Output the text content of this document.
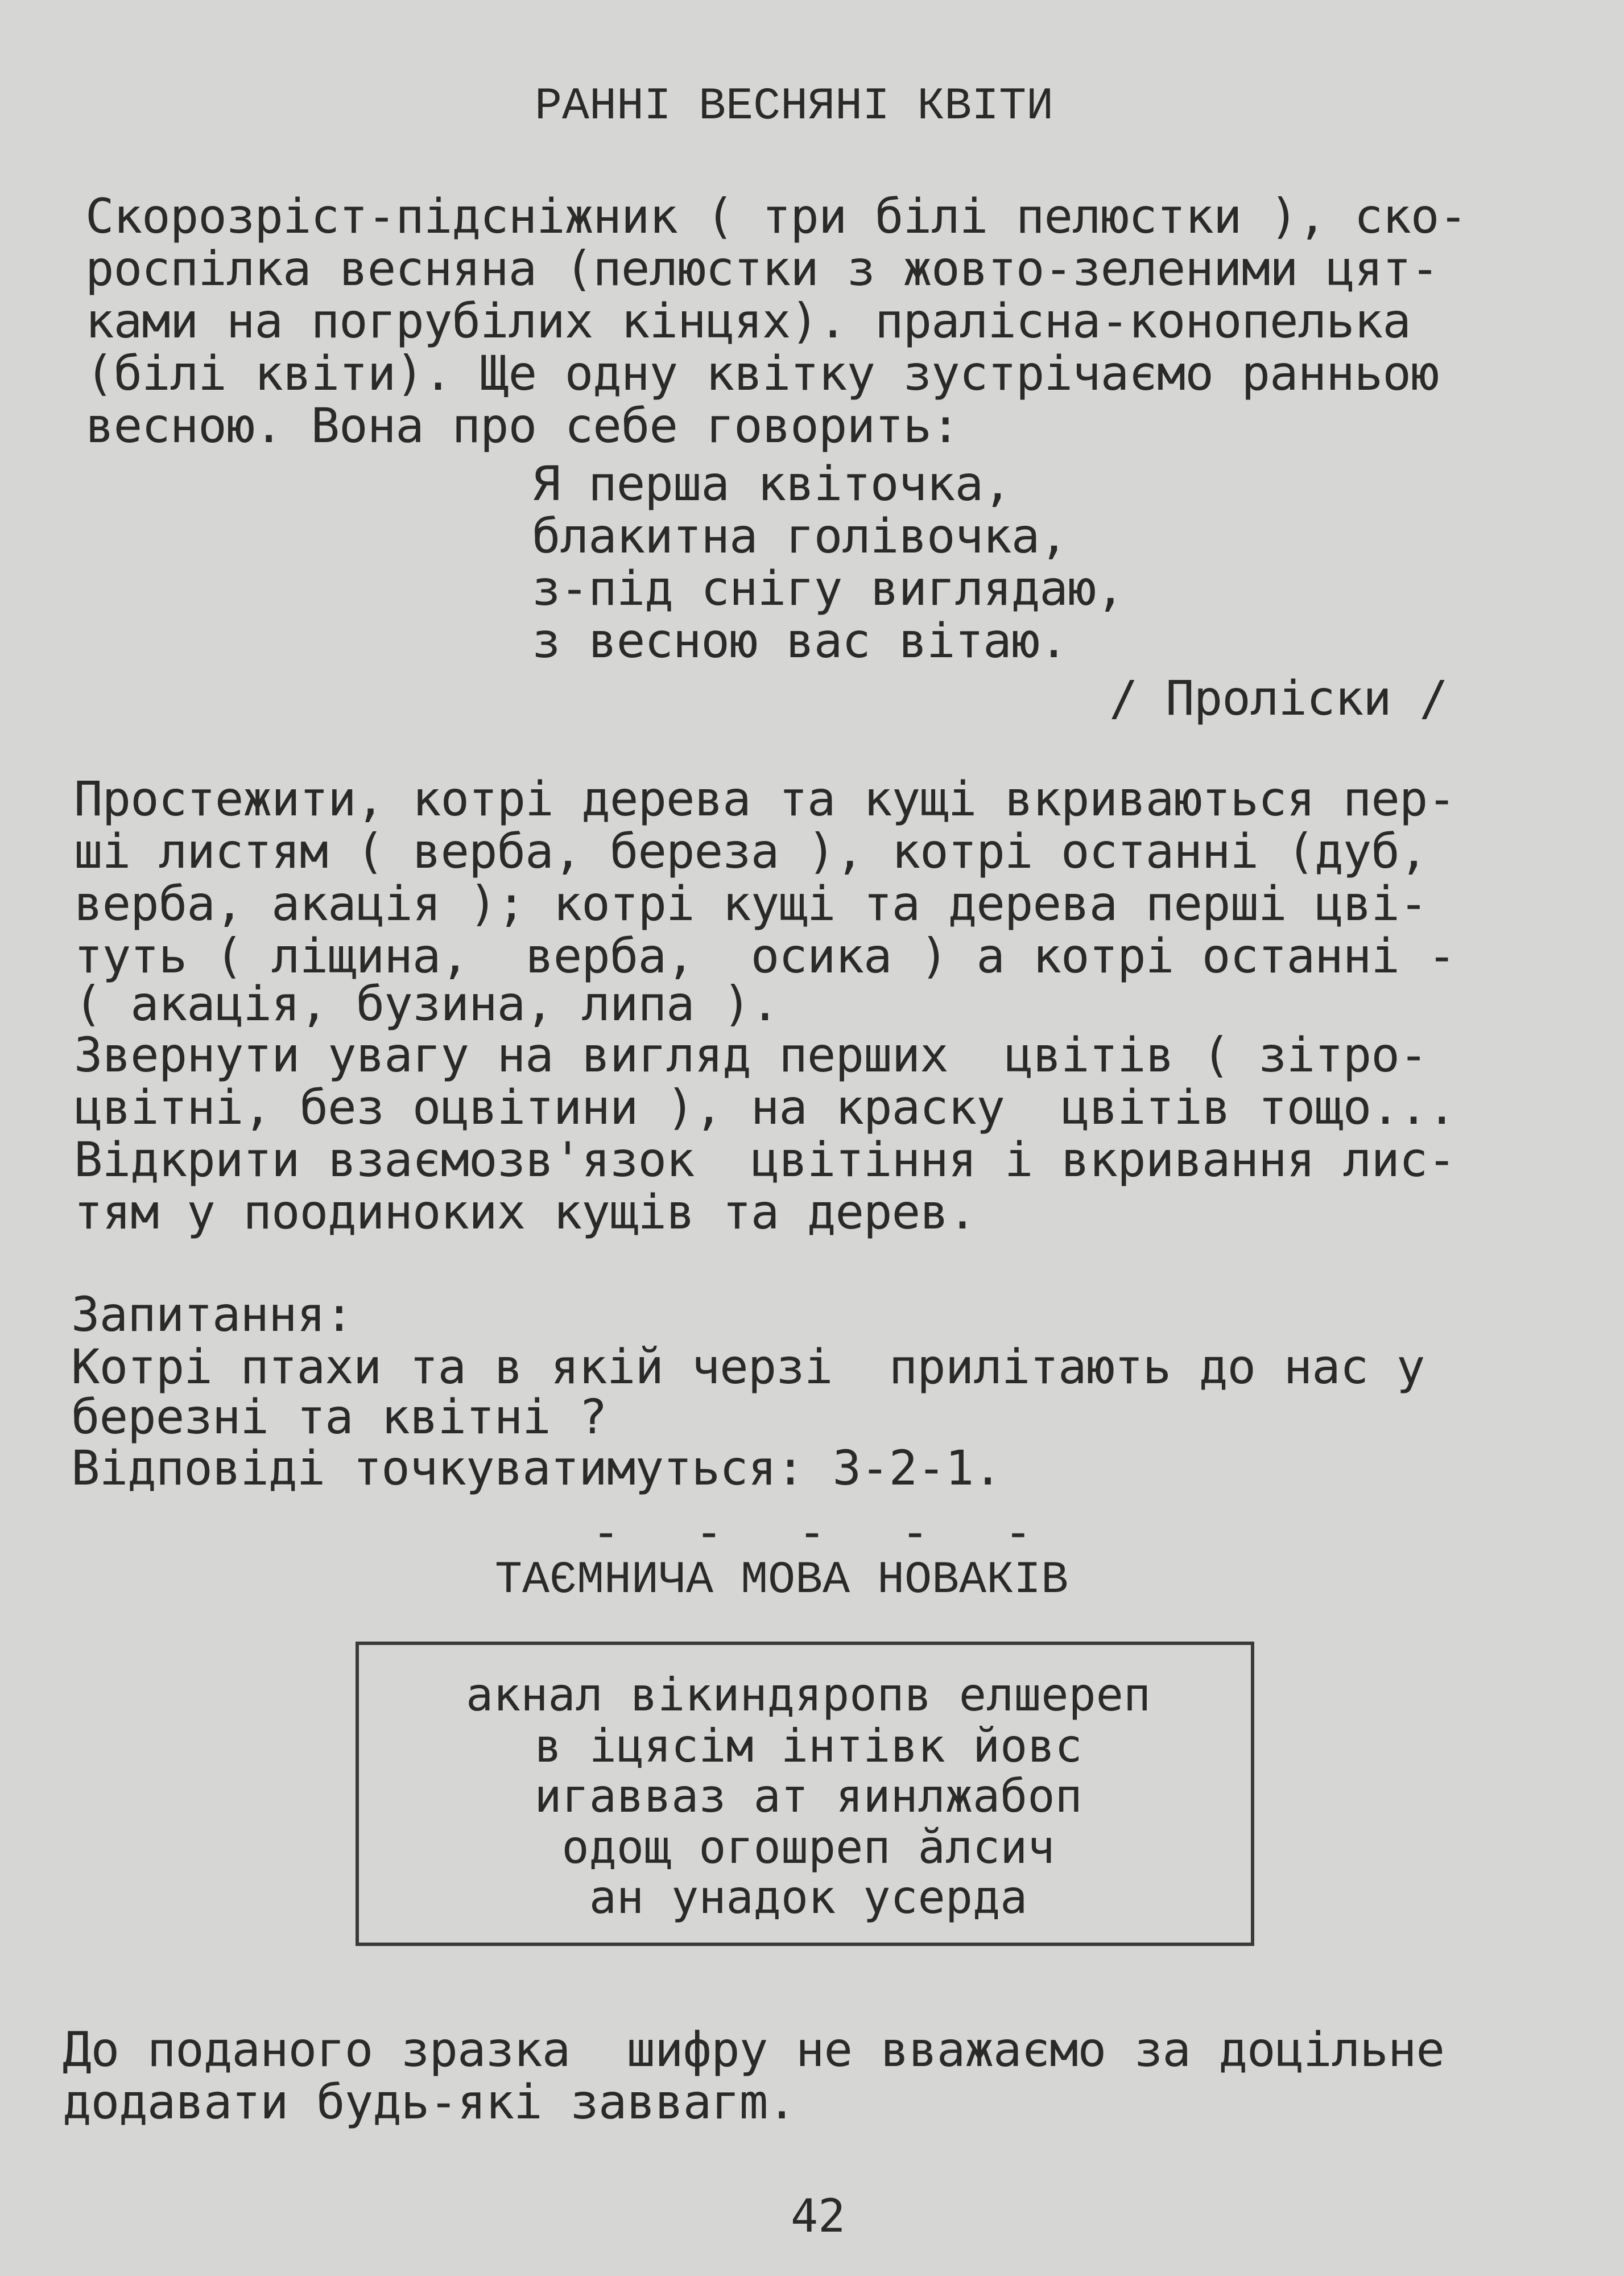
РАННІ ВЕСНЯНІ КВІТИ
Скорозріст-підсніжник ( три білі пелюстки ), ско-
роспілка весняна (пелюстки з жовто-зеленими цят-
ками на погрубілих кінцях). пралісна-конопелька
(білі квіти). Ще одну квітку зустрічаємо ранньою
весною. Вона про себе говорить:
Я перша квіточка,
блакитна голівочка,
з-під снігу виглядаю,
з весною вас вітаю.
/ Проліски /
Простежити, котрі дерева та кущі вкриваються пер-
ші листям ( верба, береза ), котрі останні (дуб,
верба, акація ); котрі кущі та дерева перші цві-
туть ( ліщина,  верба,  осика ) а котрі останні -
( акація, бузина, липа ).
Звернути увагу на вигляд перших  цвітів ( зітро-
цвітні, без оцвітини ), на краску  цвітів тощо...
Відкрити взаємозв'язок  цвітіння і вкривання лис-
тям у поодиноких кущів та дерев.
Запитання:
Котрі птахи та в якій черзі  прилітають до нас у
березні та квітні ?
Відповіді точкуватимуться: 3-2-1.
- - - - -
ТАЄМНИЧА МОВА НОВАКІВ
акнал вікиндяропв елшереп
в іцясім інтівк йовс
игаввaз ат яинлжабоп
одощ огошреп ăлсич
ан унадок усерда
До поданого зразка  шифру не вважаємо за доцільне
додавати будь-які заввагm.
42
